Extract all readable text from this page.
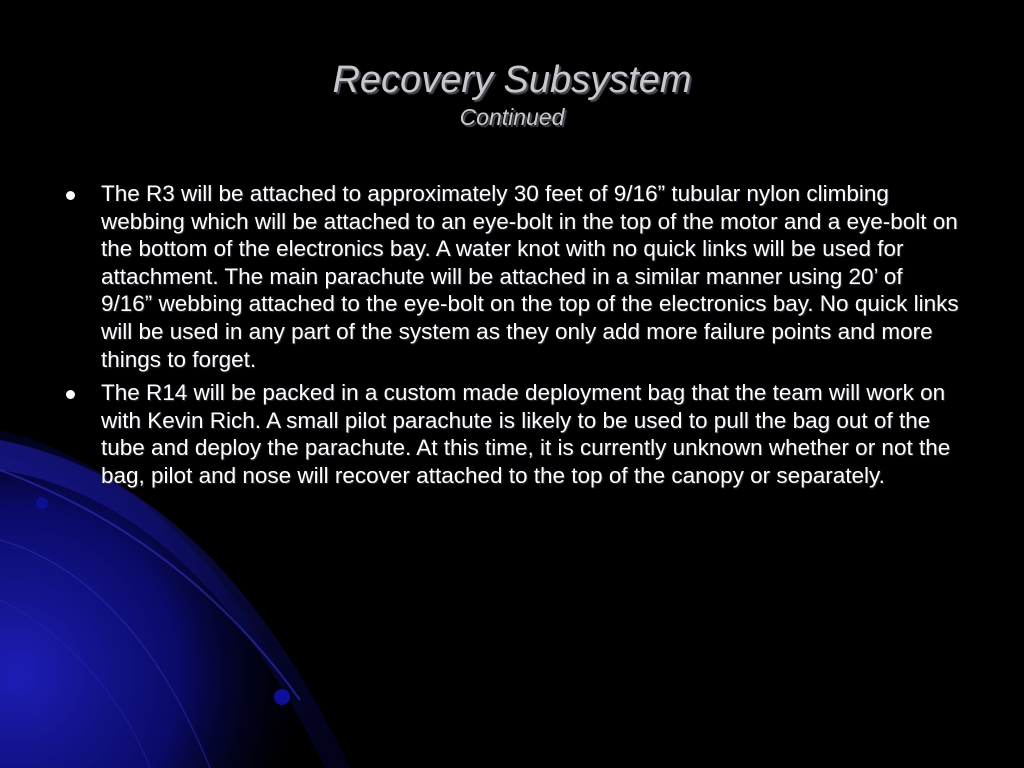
Recovery Subsystem
Continued
The R3 will be attached to approximately 30 feet of 9/16” tubular nylon climbing webbing which will be attached to an eye-bolt in the top of the motor and a eye-bolt on the bottom of the electronics bay. A water knot with no quick links will be used for attachment. The main parachute will be attached in a similar manner using 20’ of 9/16” webbing attached to the eye-bolt on the top of the electronics bay. No quick links will be used in any part of the system as they only add more failure points and more things to forget.
The R14 will be packed in a custom made deployment bag that the team will work on with Kevin Rich. A small pilot parachute is likely to be used to pull the bag out of the tube and deploy the parachute. At this time, it is currently unknown whether or not the bag, pilot and nose will recover attached to the top of the canopy or separately.
